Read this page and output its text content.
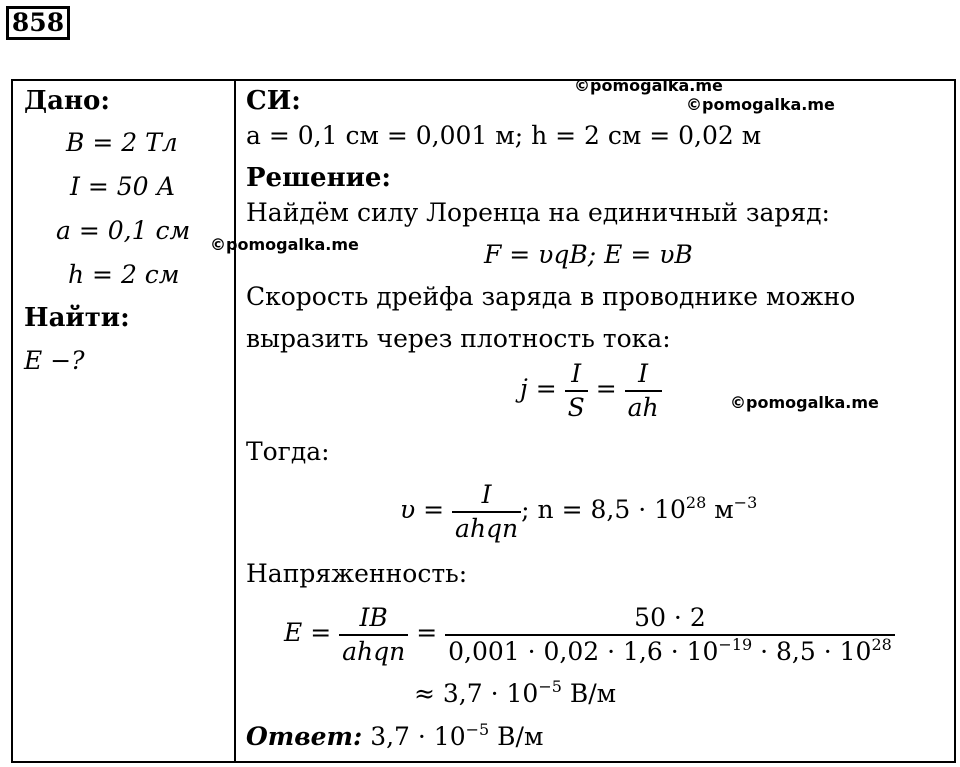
858
©pomogalka.me
©pomogalka.me
©pomogalka.me
©pomogalka.me
Дано:
B = 2 Тл
I = 50 А
a = 0,1 см
h = 2 см
Найти:
E −?
СИ:
a = 0,1 см = 0,001 м; h = 2 см = 0,02 м
Решение:
Найдём силу Лоренца на единичный заряд:
F = υqB; E = υB
Скорость дрейфа заряда в проводнике можно
выразить через плотность тока:
$j = \frac{I}{S} = \frac{I}{ah}$
Тогда:
$\upsilon = \frac{I}{\text{ahqn}}$ ; $n = 8,5 \cdot 10^{28}$ $м^{-3}$
Напряженность:
$E = \frac{IB}{\text{ahqn}} = \frac{50 \cdot 2}{0,001 \cdot 0,02 \cdot 1,6 \cdot 10^{-19} \cdot 8,5 \cdot 10^{28}}$
≈ $3,7 \cdot 10^{-5}$ В/м
Ответ: $3,7 \cdot 10^{-5}$ В/м
